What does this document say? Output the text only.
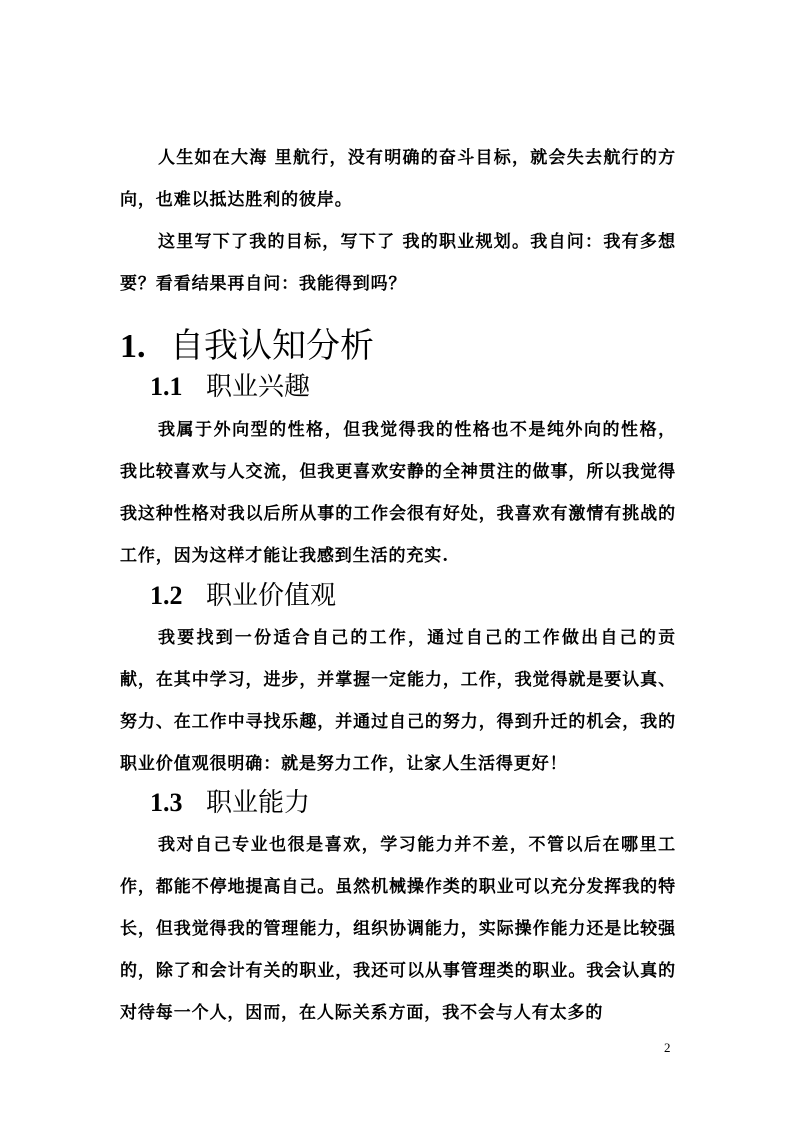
人生如在大海 里航行，没有明确的奋斗目标，就会失去航行的方向，也难以抵达胜利的彼岸。

这里写下了我的目标，写下了 我的职业规划。我自问：我有多想要？看看结果再自问：我能得到吗？

1. 自我认知分析
1.1 职业兴趣

我属于外向型的性格，但我觉得我的性格也不是纯外向的性格，我比较喜欢与人交流，但我更喜欢安静的全神贯注的做事，所以我觉得我这种性格对我以后所从事的工作会很有好处，我喜欢有激情有挑战的工作，因为这样才能让我感到生活的充实.

1.2 职业价值观

我要找到一份适合自己的工作，通过自己的工作做出自己的贡献，在其中学习，进步，并掌握一定能力，工作，我觉得就是要认真、努力、在工作中寻找乐趣，并通过自己的努力，得到升迁的机会，我的职业价值观很明确：就是努力工作，让家人生活得更好！

1.3 职业能力

我对自己专业也很是喜欢，学习能力并不差，不管以后在哪里工作，都能不停地提高自己。虽然机械操作类的职业可以充分发挥我的特长，但我觉得我的管理能力，组织协调能力，实际操作能力还是比较强的，除了和会计有关的职业，我还可以从事管理类的职业。我会认真的对待每一个人，因而，在人际关系方面，我不会与人有太多的

2
